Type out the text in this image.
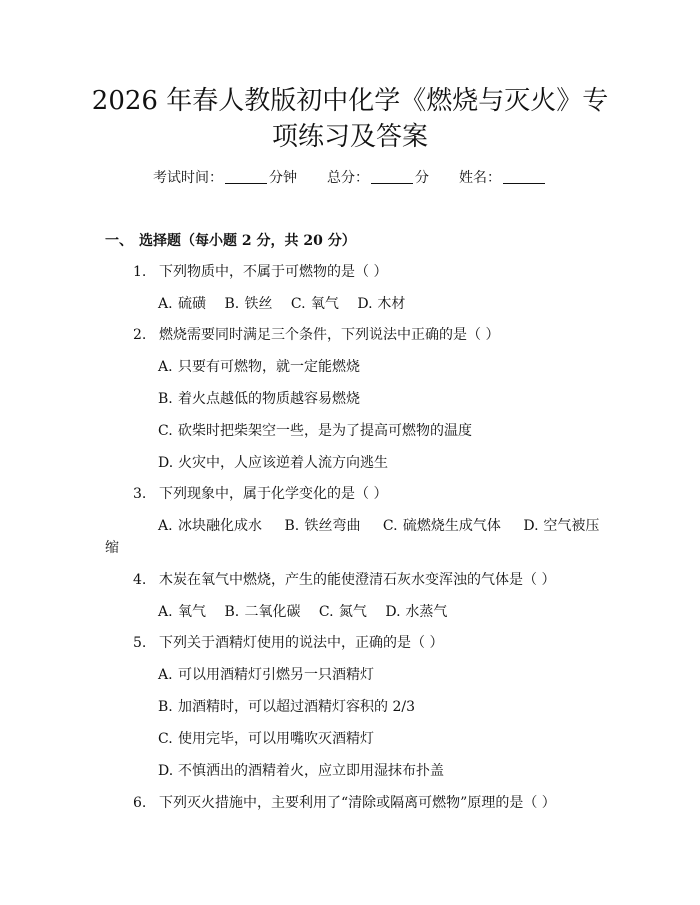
2026 年春人教版初中化学《燃烧与灭火》专
项练习及答案
考试时间：	分钟 总分：	分 姓名：
一、 选择题（每小题 2 分，共 20 分）
1. 下列物质中，不属于可燃物的是（ ）
A. 硫磺 B. 铁丝 C. 氧气 D. 木材
2. 燃烧需要同时满足三个条件，下列说法中正确的是（ ）
A. 只要有可燃物，就一定能燃烧
B. 着火点越低的物质越容易燃烧
C. 砍柴时把柴架空一些，是为了提高可燃物的温度
D. 火灾中，人应该逆着人流方向逃生
3. 下列现象中，属于化学变化的是（ ）
A. 冰块融化成水 B. 铁丝弯曲 C. 硫燃烧生成气体 D. 空气被压
缩
4. 木炭在氧气中燃烧，产生的能使澄清石灰水变浑浊的气体是（ ）
A. 氧气 B. 二氧化碳 C. 氮气 D. 水蒸气
5. 下列关于酒精灯使用的说法中，正确的是（ ）
A. 可以用酒精灯引燃另一只酒精灯
B. 加酒精时，可以超过酒精灯容积的 2/3
C. 使用完毕，可以用嘴吹灭酒精灯
D. 不慎洒出的酒精着火，应立即用湿抹布扑盖
6. 下列灭火措施中，主要利用了“清除或隔离可燃物”原理的是（ ）
